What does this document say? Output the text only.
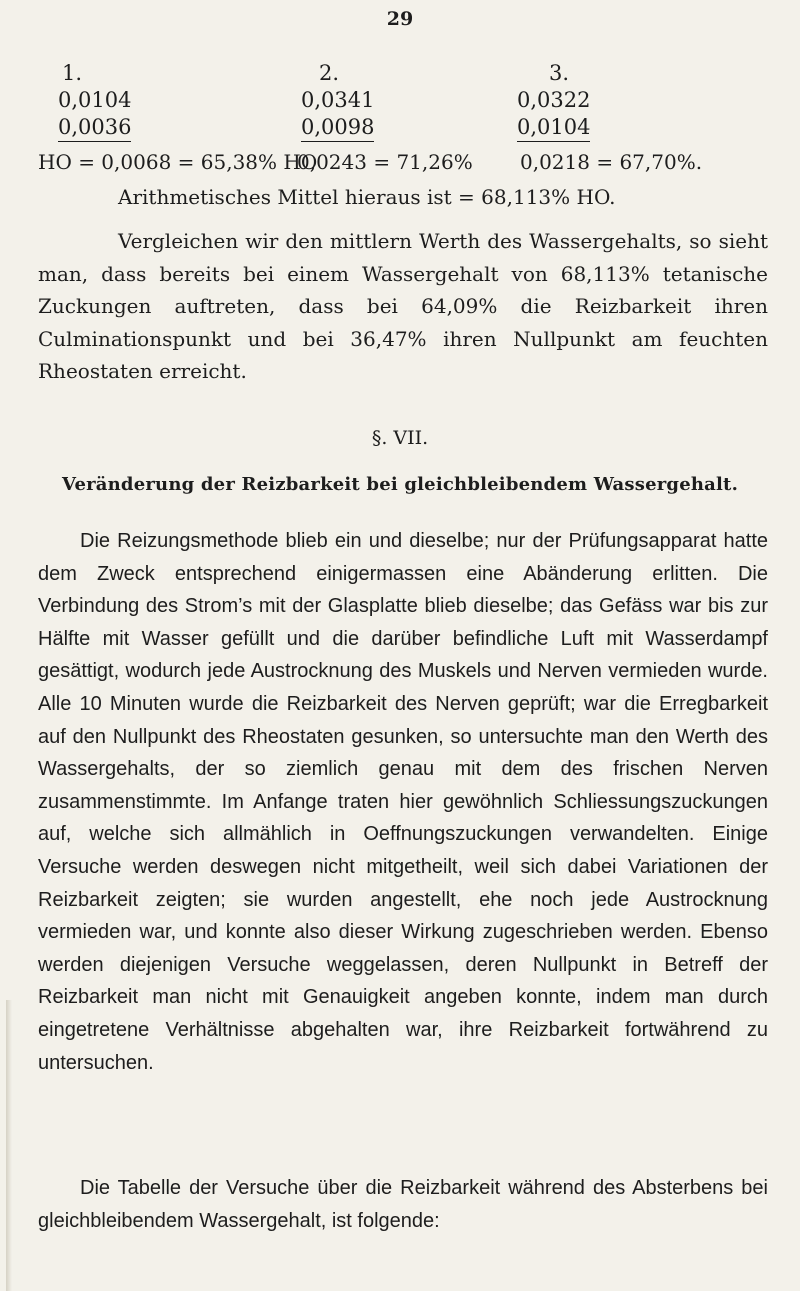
29
1.
0,0104
0,0036
2.
0,0341
0,0098
3.
0,0322
0,0104
HO = 0,0068 = 65,38% HO
0,0243 = 71,26% 0,0218 = 67,70%.
Arithmetisches Mittel hieraus ist = 68,113% HO.

Vergleichen wir den mittlern Werth des Wassergehalts, so sieht man, dass bereits bei einem Wassergehalt von 68,113% tetanische Zuckungen auftreten, dass bei 64,09% die Reizbarkeit ihren Culminationspunkt und bei 36,47% ihren Nullpunkt am feuchten Rheostaten erreicht.

§. VII.
Veränderung der Reizbarkeit bei gleichbleibendem Wassergehalt.

Die Reizungsmethode blieb ein und dieselbe; nur der Prüfungsapparat hatte dem Zweck entsprechend einigermassen eine Abänderung erlitten. Die Verbindung des Strom’s mit der Glasplatte blieb dieselbe; das Gefäss war bis zur Hälfte mit Wasser gefüllt und die darüber befindliche Luft mit Wasserdampf gesättigt, wodurch jede Austrocknung des Muskels und Nerven vermieden wurde. Alle 10 Minuten wurde die Reizbarkeit des Nerven geprüft; war die Erregbarkeit auf den Nullpunkt des Rheostaten gesunken, so untersuchte man den Werth des Wassergehalts, der so ziemlich genau mit dem des frischen Nerven zusammenstimmte. Im Anfange traten hier gewöhnlich Schliessungszuckungen auf, welche sich allmählich in Oeffnungszuckungen verwandelten. Einige Versuche werden deswegen nicht mitgetheilt, weil sich dabei Variationen der Reizbarkeit zeigten; sie wurden angestellt, ehe noch jede Austrocknung vermieden war, und konnte also dieser Wirkung zugeschrieben werden. Ebenso werden diejenigen Versuche weggelassen, deren Nullpunkt in Betreff der Reizbarkeit man nicht mit Genauigkeit angeben konnte, indem man durch eingetretene Verhältnisse abgehalten war, ihre Reizbarkeit fortwährend zu untersuchen.

Die Tabelle der Versuche über die Reizbarkeit während des Absterbens bei gleichbleibendem Wassergehalt, ist folgende:
